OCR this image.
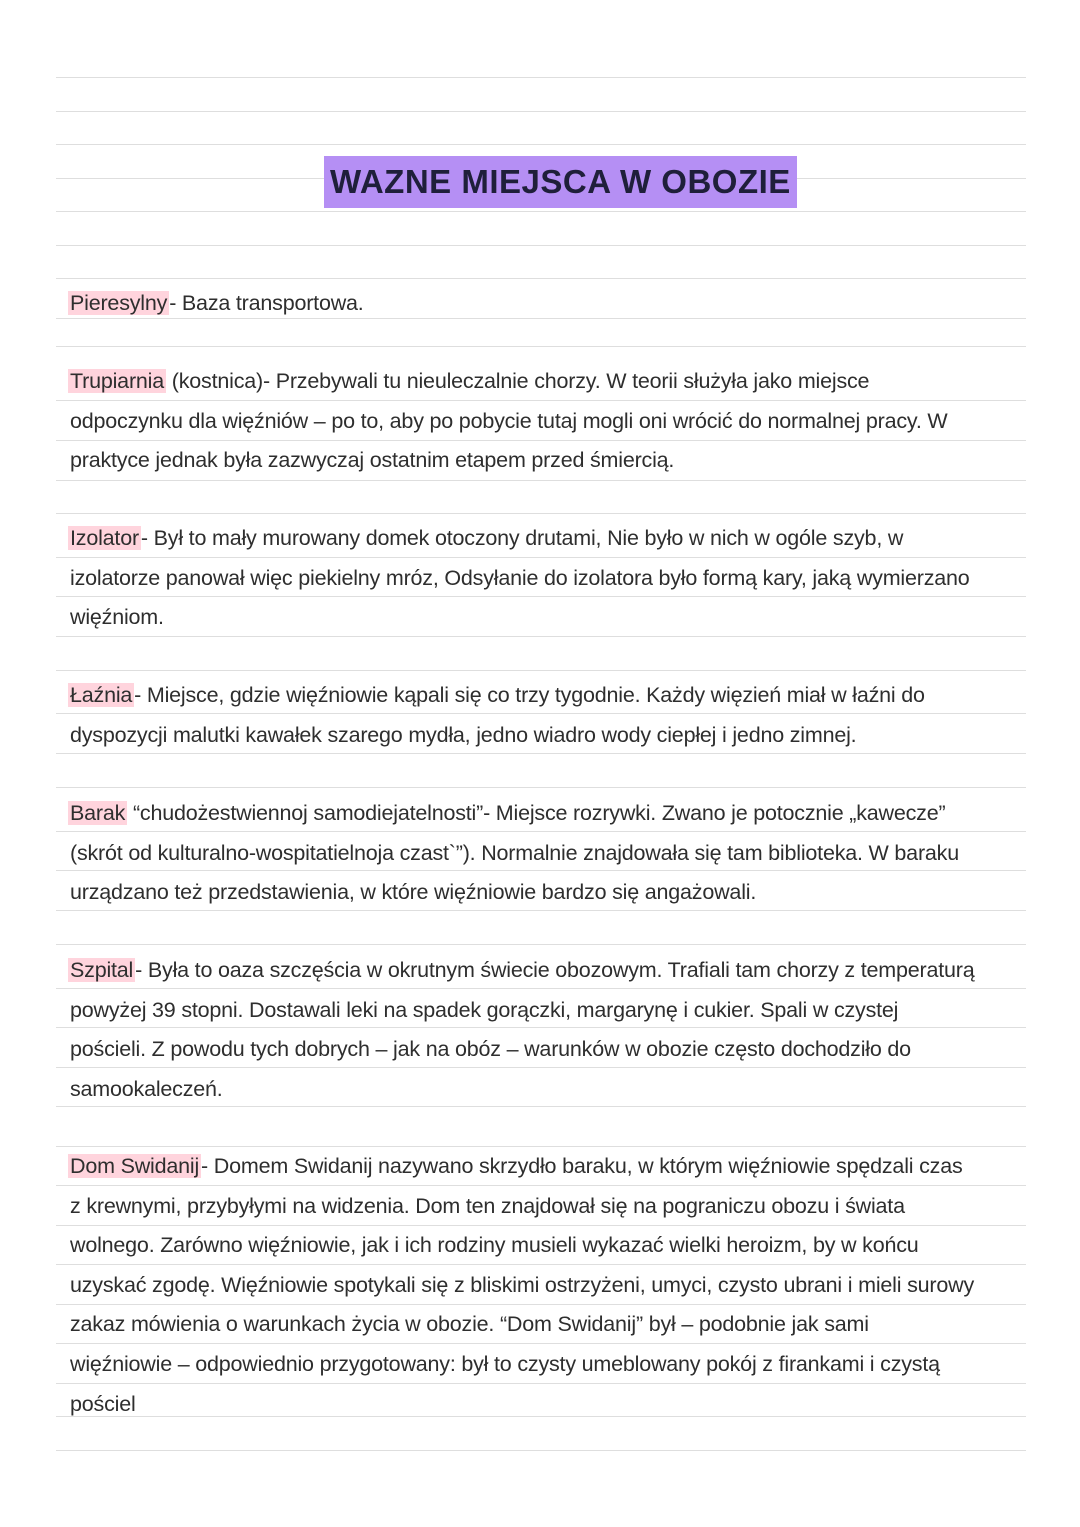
WAZNE MIEJSCA W OBOZIE
Pieresylny- Baza transportowa.
Trupiarnia (kostnica)- Przebywali tu nieuleczalnie chorzy. W teorii służyła jako miejsce odpoczynku dla więźniów – po to, aby po pobycie tutaj mogli oni wrócić do normalnej pracy. W praktyce jednak była zazwyczaj ostatnim etapem przed śmiercią.
Izolator- Był to mały murowany domek otoczony drutami, Nie było w nich w ogóle szyb, w izolatorze panował więc piekielny mróz, Odsyłanie do izolatora było formą kary, jaką wymierzano więźniom.
Łaźnia- Miejsce, gdzie więźniowie kąpali się co trzy tygodnie. Każdy więzień miał w łaźni do dyspozycji malutki kawałek szarego mydła, jedno wiadro wody ciepłej i jedno zimnej.
Barak “chudożestwiennoj samodiejatelnosti”- Miejsce rozrywki. Zwano je potocznie „kawecze” (skrót od kulturalno-wospitatielnoja czast`”). Normalnie znajdowała się tam biblioteka. W baraku urządzano też przedstawienia, w które więźniowie bardzo się angażowali.
Szpital- Była to oaza szczęścia w okrutnym świecie obozowym. Trafiali tam chorzy z temperaturą powyżej 39 stopni. Dostawali leki na spadek gorączki, margarynę i cukier. Spali w czystej pościeli. Z powodu tych dobrych – jak na obóz – warunków w obozie często dochodziło do samookaleczeń.
Dom Swidanij- Domem Swidanij nazywano skrzydło baraku, w którym więźniowie spędzali czas z krewnymi, przybyłymi na widzenia. Dom ten znajdował się na pograniczu obozu i świata wolnego. Zarówno więźniowie, jak i ich rodziny musieli wykazać wielki heroizm, by w końcu uzyskać zgodę. Więźniowie spotykali się z bliskimi ostrzyżeni, umyci, czysto ubrani i mieli surowy zakaz mówienia o warunkach życia w obozie. “Dom Swidanij” był – podobnie jak sami więźniowie – odpowiednio przygotowany: był to czysty umeblowany pokój z firankami i czystą pościel
